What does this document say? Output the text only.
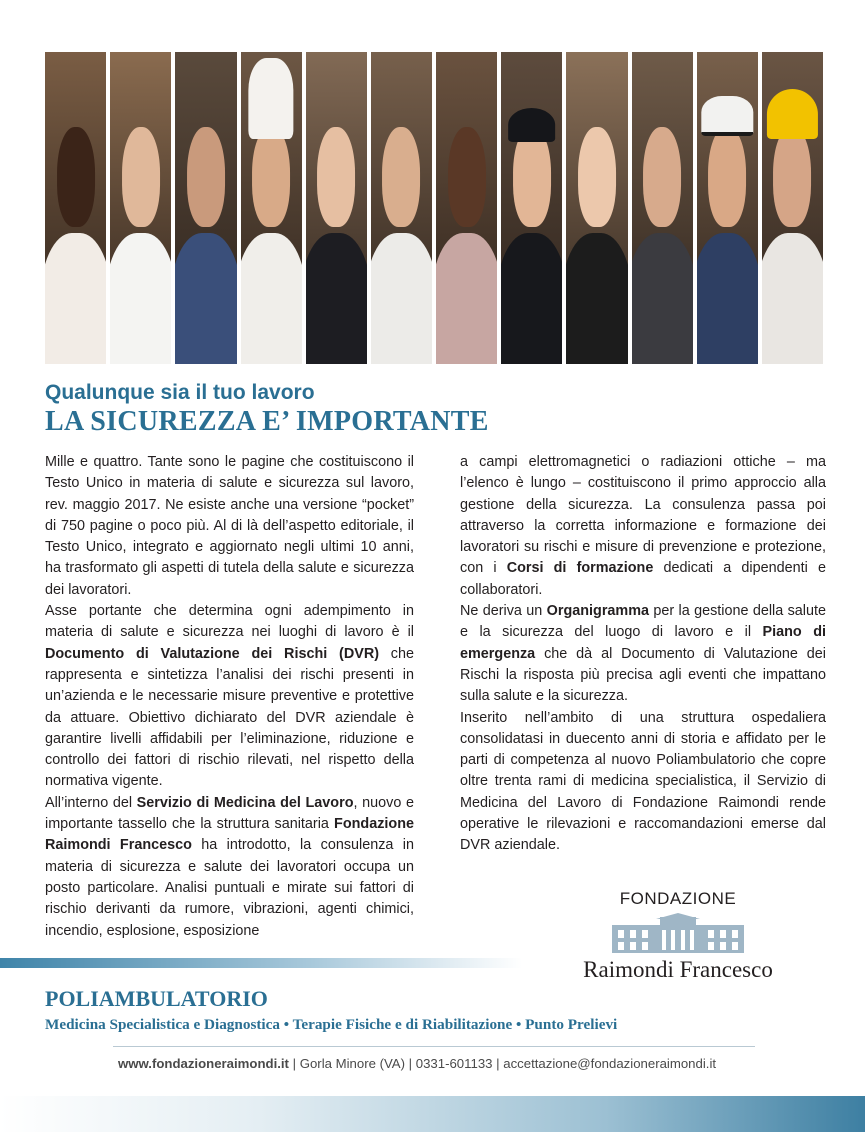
Qualunque sia il tuo lavoro
LA SICUREZZA E’ IMPORTANTE

Mille e quattro. Tante sono le pagine che costituiscono il Testo Unico in materia di salute e sicurezza sul lavoro, rev. maggio 2017. Ne esiste anche una versione “pocket” di 750 pagine o poco più. Al di là dell’aspetto editoriale, il Testo Unico, integrato e aggiornato negli ultimi 10 anni, ha trasformato gli aspetti di tutela della salute e sicurezza dei lavoratori.

Asse portante che determina ogni adempimento in materia di salute e sicurezza nei luoghi di lavoro è il Documento di Valutazione dei Rischi (DVR) che rappresenta e sintetizza l’analisi dei rischi presenti in un’azienda e le necessarie misure preventive e protettive da attuare. Obiettivo dichiarato del DVR aziendale è garantire livelli affidabili per l’eliminazione, riduzione e controllo dei fattori di rischio rilevati, nel rispetto della normativa vigente.

All’interno del Servizio di Medicina del Lavoro, nuovo e importante tassello che la struttura sanitaria Fondazione Raimondi Francesco ha introdotto, la consulenza in materia di sicurezza e salute dei lavoratori occupa un posto particolare. Analisi puntuali e mirate sui fattori di rischio derivanti da rumore, vibrazioni, agenti chimici, incendio, esplosione, esposizione

a campi elettromagnetici o radiazioni ottiche – ma l’elenco è lungo – costituiscono il primo approccio alla gestione della sicurezza. La consulenza passa poi attraverso la corretta informazione e formazione dei lavoratori su rischi e misure di prevenzione e protezione, con i Corsi di formazione dedicati a dipendenti e collaboratori.

Ne deriva un Organigramma per la gestione della salute e la sicurezza del luogo di lavoro e il Piano di emergenza che dà al Documento di Valutazione dei Rischi la risposta più precisa agli eventi che impattano sulla salute e la sicurezza.

Inserito nell’ambito di una struttura ospedaliera consolidatasi in duecento anni di storia e affidato per le parti di competenza al nuovo Poliambulatorio che copre oltre trenta rami di medicina specialistica, il Servizio di Medicina del Lavoro di Fondazione Raimondi rende operative le rilevazioni e raccomandazioni emerse dal DVR aziendale.

FONDAZIONE
Raimondi Francesco
POLIAMBULATORIO
Medicina Specialistica e Diagnostica • Terapie Fisiche e di Riabilitazione • Punto Prelievi
www.fondazioneraimondi.it | Gorla Minore (VA) | 0331-601133 | accettazione@fondazioneraimondi.it
